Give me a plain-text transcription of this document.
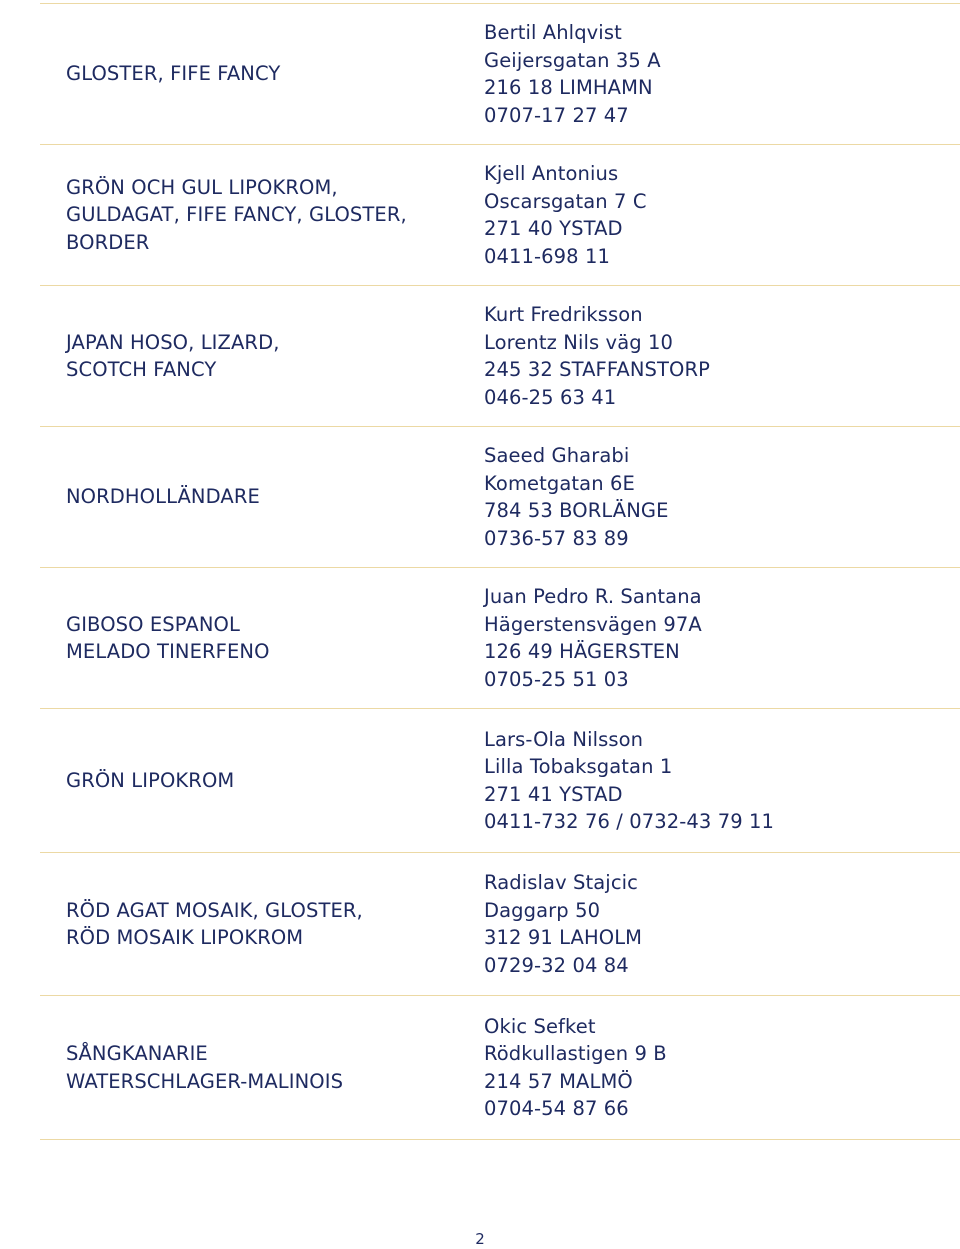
GLOSTER, FIFE FANCY
Bertil Ahlqvist
Geijersgatan 35 A
216 18 LIMHAMN
0707-17 27 47
GRÖN OCH GUL LIPOKROM,
GULDAGAT, FIFE FANCY, GLOSTER,
BORDER
Kjell Antonius
Oscarsgatan 7 C
271 40 YSTAD
0411-698 11
JAPAN HOSO, LIZARD,
SCOTCH FANCY
Kurt Fredriksson
Lorentz Nils väg 10
245 32 STAFFANSTORP
046-25 63 41
NORDHOLLÄNDARE
Saeed Gharabi
Kometgatan 6E
784 53 BORLÄNGE
0736-57 83 89
GIBOSO ESPANOL
MELADO TINERFENO
Juan Pedro R. Santana
Hägerstensvägen 97A
126 49 HÄGERSTEN
0705-25 51 03
GRÖN LIPOKROM
Lars-Ola Nilsson
Lilla Tobaksgatan 1
271 41 YSTAD
0411-732 76 / 0732-43 79 11
RÖD AGAT MOSAIK, GLOSTER,
RÖD MOSAIK LIPOKROM
Radislav Stajcic
Daggarp 50
312 91 LAHOLM
0729-32 04 84
SÅNGKANARIE
WATERSCHLAGER-MALINOIS
Okic Sefket
Rödkullastigen 9 B
214 57 MALMÖ
0704-54 87 66
2
